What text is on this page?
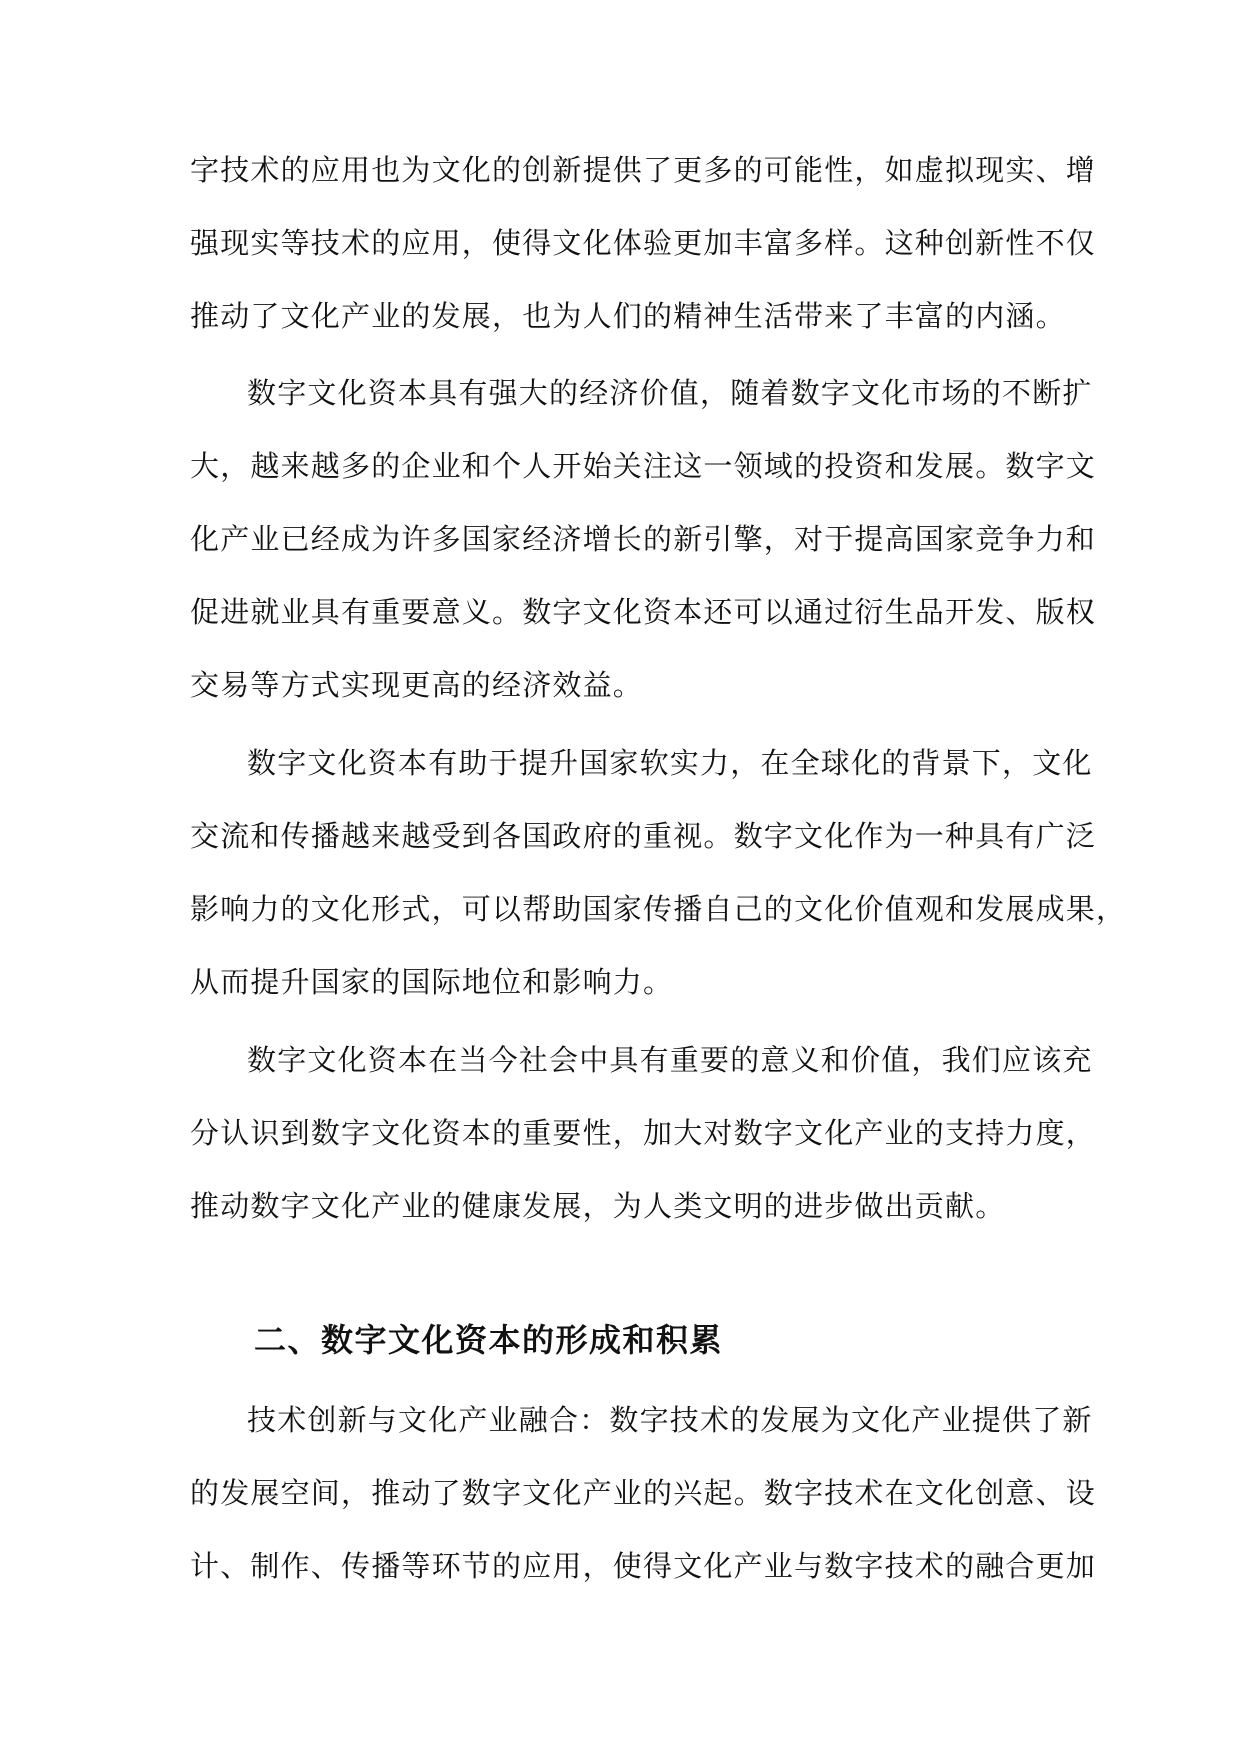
字技术的应用也为文化的创新提供了更多的可能性，如虚拟现实、增
强现实等技术的应用，使得文化体验更加丰富多样。这种创新性不仅
推动了文化产业的发展，也为人们的精神生活带来了丰富的内涵。
数字文化资本具有强大的经济价值，随着数字文化市场的不断扩
大，越来越多的企业和个人开始关注这一领域的投资和发展。数字文
化产业已经成为许多国家经济增长的新引擎，对于提高国家竞争力和
促进就业具有重要意义。数字文化资本还可以通过衍生品开发、版权
交易等方式实现更高的经济效益。
数字文化资本有助于提升国家软实力，在全球化的背景下，文化
交流和传播越来越受到各国政府的重视。数字文化作为一种具有广泛
影响力的文化形式，可以帮助国家传播自己的文化价值观和发展成果，
从而提升国家的国际地位和影响力。
数字文化资本在当今社会中具有重要的意义和价值，我们应该充
分认识到数字文化资本的重要性，加大对数字文化产业的支持力度，
推动数字文化产业的健康发展，为人类文明的进步做出贡献。
二、数字文化资本的形成和积累
技术创新与文化产业融合：数字技术的发展为文化产业提供了新
的发展空间，推动了数字文化产业的兴起。数字技术在文化创意、设
计、制作、传播等环节的应用，使得文化产业与数字技术的融合更加
